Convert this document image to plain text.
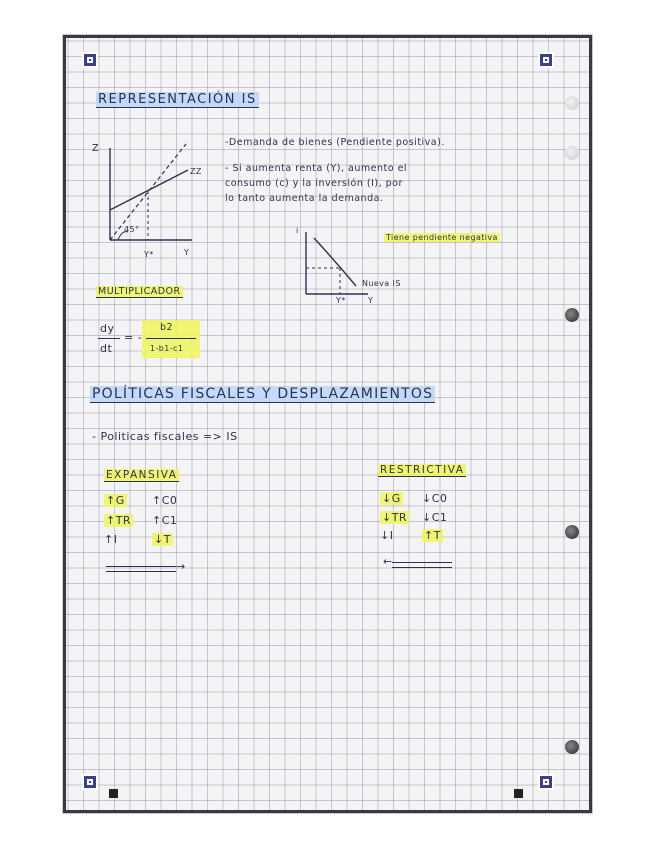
REPRESENTACIÓN IS
Z
ZZ
45°
Y*	Y
-Demanda de bienes (Pendiente positiva).
- Si aumenta renta (Y), aumento el
consumo (c) y la inversión (I), por
lo tanto aumenta la demanda.
i
Nueva IS
Y*	Y
Tiene pendiente negativa
MULTIPLICADOR
dy
dt
= -
b2
1-b1-c1
POLÍTICAS FISCALES Y DESPLAZAMIENTOS
- Politicas fiscales => IS
EXPANSIVA
↑G
↑TR
↑I
↑C0
↑C1
↓T
→
RESTRICTIVA
↓G
↓TR
↓I
↓C0
↓C1
↑T
←
